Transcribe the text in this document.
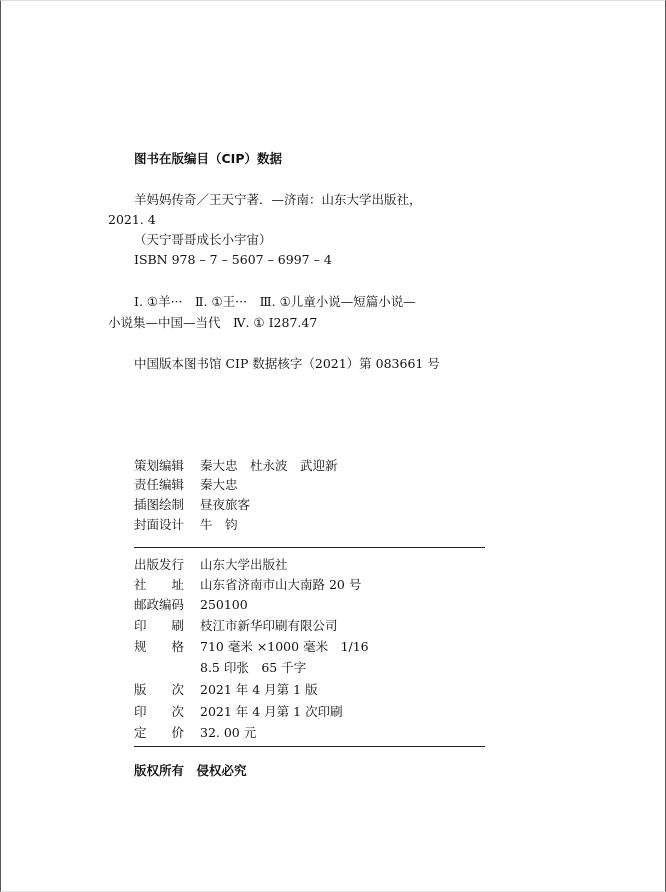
图书在版编目（CIP）数据
羊妈妈传奇／王天宁著．—济南：山东大学出版社，
2021. 4
（天宁哥哥成长小宇宙）
ISBN 978 – 7 – 5607 – 6997 – 4
Ⅰ. ①羊···　Ⅱ. ①王···　Ⅲ. ①儿童小说—短篇小说—
小说集—中国—当代　Ⅳ. ① I287.47
中国版本图书馆 CIP 数据核字（2021）第 083661 号
策划编辑 秦大忠　杜永波　武迎新
责任编辑 秦大忠
插图绘制 昼夜旅客
封面设计 牛　钧
出版发行 山东大学出版社
社　　址 山东省济南市山大南路 20 号
邮政编码 250100
印　　刷 枝江市新华印刷有限公司
规　　格 710 毫米 ×1000 毫米　1/16
8.5 印张　65 千字
版　　次 2021 年 4 月第 1 版
印　　次 2021 年 4 月第 1 次印刷
定　　价 32. 00 元
版权所有　侵权必究
